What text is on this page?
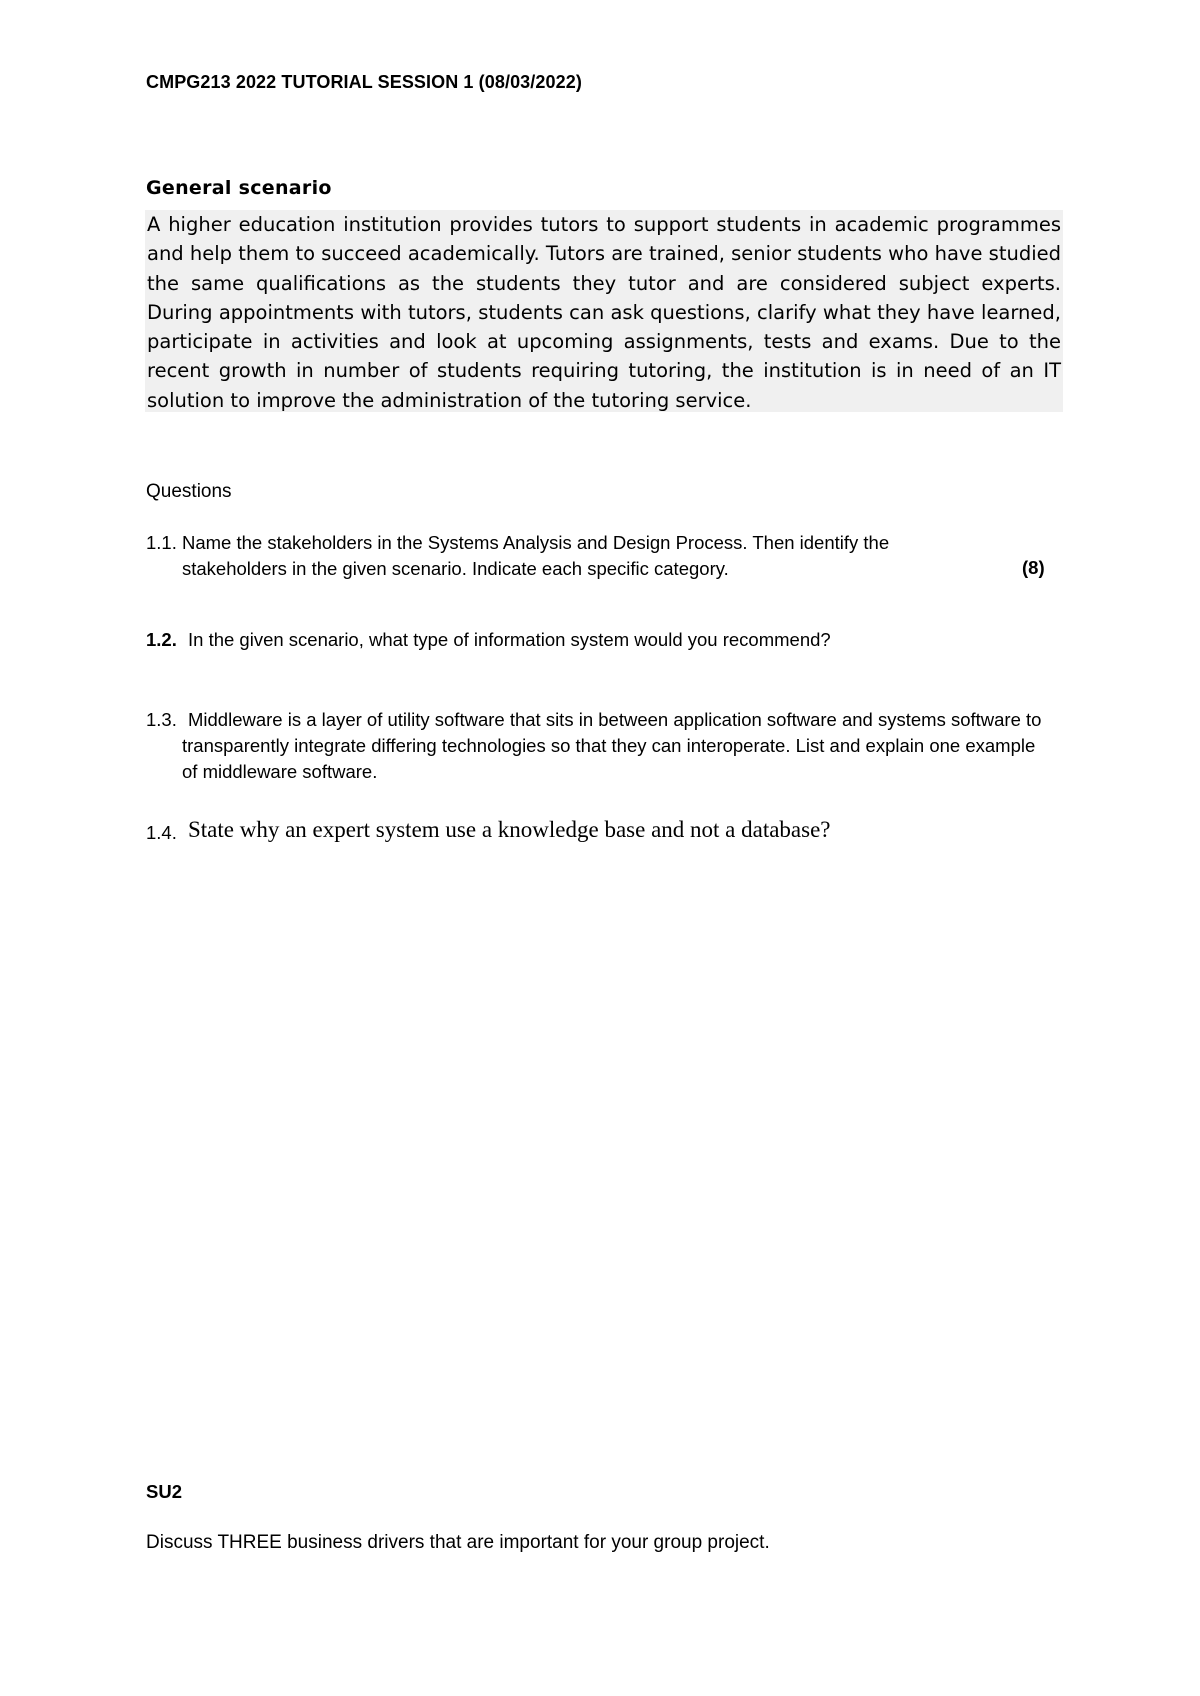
CMPG213 2022 TUTORIAL SESSION 1 (08/03/2022)
General scenario
A higher education institution provides tutors to support students in academic programmes and help them to succeed academically. Tutors are trained, senior students who have studied the same qualifications as the students they tutor and are considered subject experts. During appointments with tutors, students can ask questions, clarify what they have learned, participate in activities and look at upcoming assignments, tests and exams. Due to the recent growth in number of students requiring tutoring, the institution is in need of an IT solution to improve the administration of the tutoring service.
Questions
1.1. Name the stakeholders in the Systems Analysis and Design Process. Then identify the stakeholders in the given scenario. Indicate each specific category.	(8)
1.2. In the given scenario, what type of information system would you recommend?
1.3. Middleware is a layer of utility software that sits in between application software and systems software to transparently integrate differing technologies so that they can interoperate. List and explain one example of middleware software.
1.4. State why an expert system use a knowledge base and not a database?
SU2
Discuss THREE business drivers that are important for your group project.
